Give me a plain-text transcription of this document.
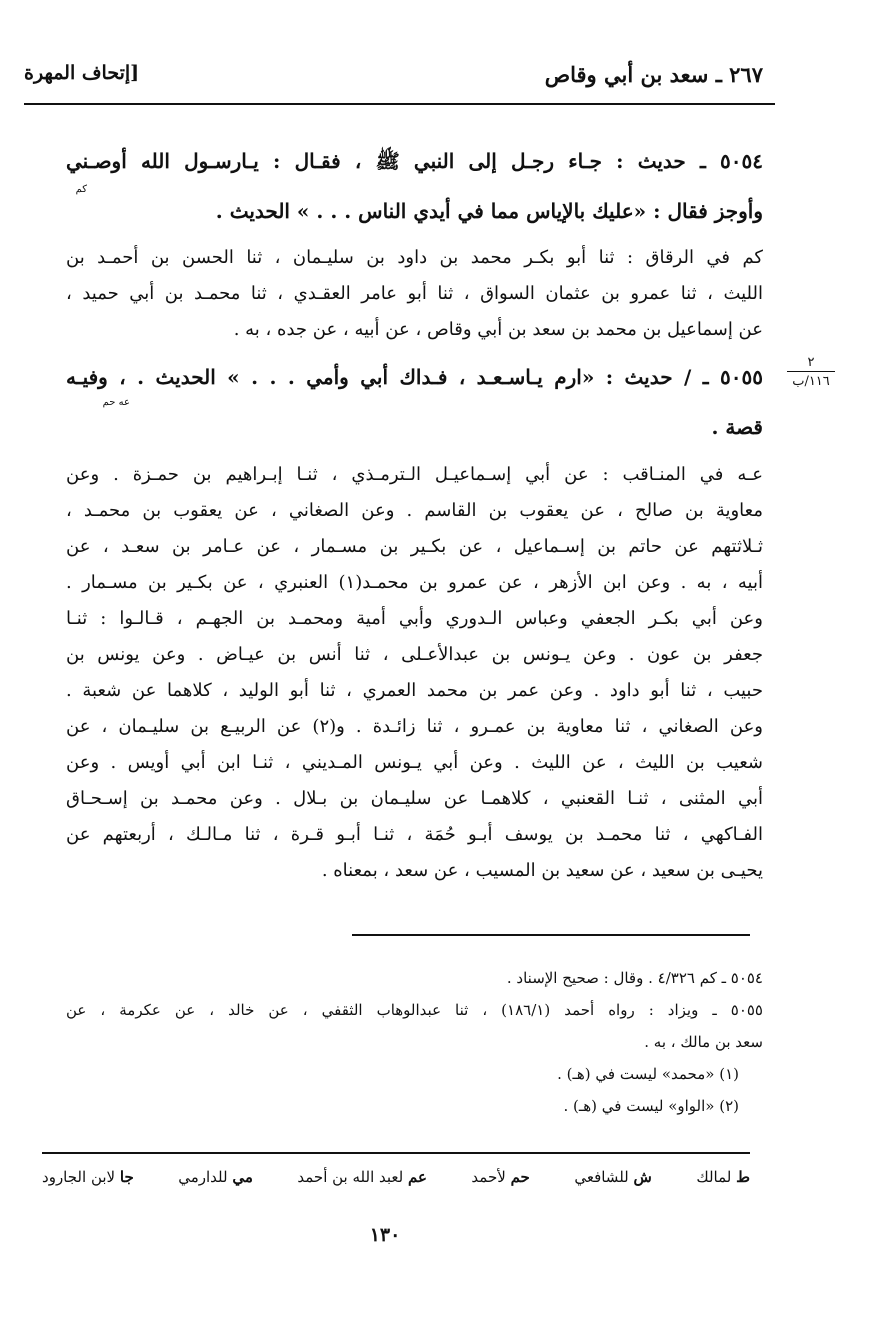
٢٦٧ ـ سعد بن أبي وقاص
[إتحاف المهرة
٥٠٥٤ ـ حديث : جـاء رجـل إلى النبي ﷺ ، فقـال : يـارسـول الله أوصـني
كم
وأوجز فقال : «عليك بالإياس مما في أيدي الناس . . . » الحديث .
كم في الرقاق : ثنا أبو بكـر محمد بن داود بن سليـمان ، ثنا الحسن بن أحمـد بن
الليث ، ثنا عمرو بن عثمان السواق ، ثنا أبو عامر العقـدي ، ثنا محمـد بن أبي حميد ،
عن إسماعيل بن محمد بن سعد بن أبي وقاص ، عن أبيه ، عن جده ، به .
٥٠٥٥ ـ / حديث : «ارم يـاسـعـد ، فـداك أبي وأمي . . . » الحديث . ، وفيـه
عه حم
قصة .
٢
١١٦/ب
عـه في المنـاقب : عن أبي إسـماعيـل الـترمـذي ، ثنـا إبـراهيم بن حمـزة . وعن
معاوية بن صالح ، عن يعقوب بن القاسم . وعن الصغاني ، عن يعقوب بن محمـد ،
ثـلاثتهم عن حاتم بن إسـماعيل ، عن بكـير بن مسـمار ، عن عـامر بن سعـد ، عن
أبيه ، به . وعن ابن الأزهر ، عن عمرو بن محمـد(١) العنبري ، عن بكـير بن مسـمار .
وعن أبي بكـر الجعفي وعباس الـدوري وأبي أمية ومحمـد بن الجهـم ، قـالـوا : ثنـا
جعفر بن عون . وعن يـونس بن عبدالأعـلى ، ثنا أنس بن عيـاض . وعن يونس بن
حبيب ، ثنا أبو داود . وعن عمر بن محمد العمري ، ثنا أبو الوليد ، كلاهما عن شعبة .
وعن الصغاني ، ثنا معاوية بن عمـرو ، ثنا زائـدة . و(٢) عن الربيـع بن سليـمان ، عن
شعيب بن الليث ، عن الليث . وعن أبي يـونس المـديني ، ثنـا ابن أبي أويس . وعن
أبي المثنى ، ثنـا القعنبي ، كلاهمـا عن سليـمان بن بـلال . وعن محمـد بن إسـحـاق
الفـاكهي ، ثنا محمـد بن يوسف أبـو حُمَة ، ثنـا أبـو قـرة ، ثنا مـالـك ، أربعتهم عن
يحيـى بن سعيد ، عن سعيد بن المسيب ، عن سعد ، بمعناه .
٥٠٥٤ ـ كم ٤/٣٢٦ . وقال : صحيح الإسناد .
٥٠٥٥ ـ ويزاد : رواه أحمد (١٨٦/١) ، ثنا عبدالوهاب الثقفي ، عن خالد ، عن عكرمة ، عن
سعد بن مالك ، به .
(١) «محمد» ليست في (هـ) .
(٢) «الواو» ليست في (هـ) .
ط لمالك
ش للشافعي
حم لأحمد
عم لعبد الله بن أحمد
مي للدارمي
جا لابن الجارود
١٣٠
